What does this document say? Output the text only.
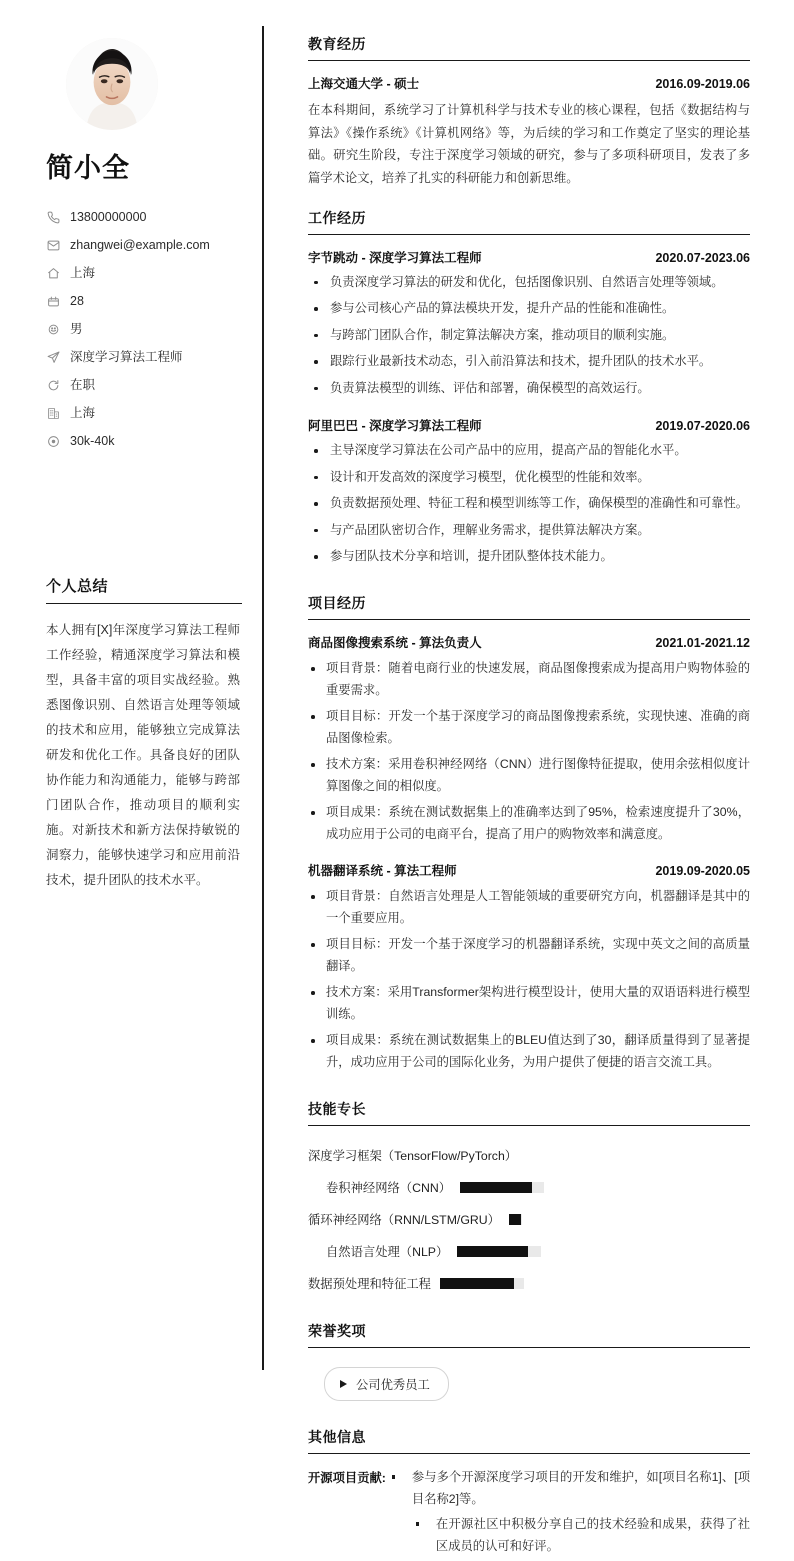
简小全
13800000000
zhangwei@example.com
上海
28
男
深度学习算法工程师
在职
上海
30k-40k
个人总结

本人拥有[X]年深度学习算法工程师工作经验，精通深度学习算法和模型，具备丰富的项目实战经验。熟悉图像识别、自然语言处理等领域的技术和应用，能够独立完成算法研发和优化工作。具备良好的团队协作能力和沟通能力，能够与跨部门团队合作，推动项目的顺利实施。对新技术和新方法保持敏锐的洞察力，能够快速学习和应用前沿技术，提升团队的技术水平。

教育经历
上海交通大学 - 硕士	2016.09-2019.06

在本科期间，系统学习了计算机科学与技术专业的核心课程，包括《数据结构与算法》《操作系统》《计算机网络》等，为后续的学习和工作奠定了坚实的理论基础。研究生阶段，专注于深度学习领域的研究，参与了多项科研项目，发表了多篇学术论文，培养了扎实的科研能力和创新思维。

工作经历
字节跳动 - 深度学习算法工程师	2020.07-2023.06
负责深度学习算法的研发和优化，包括图像识别、自然语言处理等领域。
参与公司核心产品的算法模块开发，提升产品的性能和准确性。
与跨部门团队合作，制定算法解决方案，推动项目的顺利实施。
跟踪行业最新技术动态，引入前沿算法和技术，提升团队的技术水平。
负责算法模型的训练、评估和部署，确保模型的高效运行。
阿里巴巴 - 深度学习算法工程师	2019.07-2020.06
主导深度学习算法在公司产品中的应用，提高产品的智能化水平。
设计和开发高效的深度学习模型，优化模型的性能和效率。
负责数据预处理、特征工程和模型训练等工作，确保模型的准确性和可靠性。
与产品团队密切合作，理解业务需求，提供算法解决方案。
参与团队技术分享和培训，提升团队整体技术能力。
项目经历
商品图像搜索系统 - 算法负责人	2021.01-2021.12
项目背景：随着电商行业的快速发展，商品图像搜索成为提高用户购物体验的重要需求。
项目目标：开发一个基于深度学习的商品图像搜索系统，实现快速、准确的商品图像检索。
技术方案：采用卷积神经网络（CNN）进行图像特征提取，使用余弦相似度计算图像之间的相似度。
项目成果：系统在测试数据集上的准确率达到了95%，检索速度提升了30%，成功应用于公司的电商平台，提高了用户的购物效率和满意度。
机器翻译系统 - 算法工程师	2019.09-2020.05
项目背景：自然语言处理是人工智能领域的重要研究方向，机器翻译是其中的一个重要应用。
项目目标：开发一个基于深度学习的机器翻译系统，实现中英文之间的高质量翻译。
技术方案：采用Transformer架构进行模型设计，使用大量的双语语料进行模型训练。
项目成果：系统在测试数据集上的BLEU值达到了30，翻译质量得到了显著提升，成功应用于公司的国际化业务，为用户提供了便捷的语言交流工具。
技能专长
深度学习框架（TensorFlow/PyTorch）
卷积神经网络（CNN）
循环神经网络（RNN/LSTM/GRU）
自然语言处理（NLP）
数据预处理和特征工程
荣誉奖项
公司优秀员工
其他信息
开源项目贡献:	参与多个开源深度学习项目的开发和维护，如[项目名称1]、[项目名称2]等。
在开源社区中积极分享自己的技术经验和成果，获得了社区成员的认可和好评。
